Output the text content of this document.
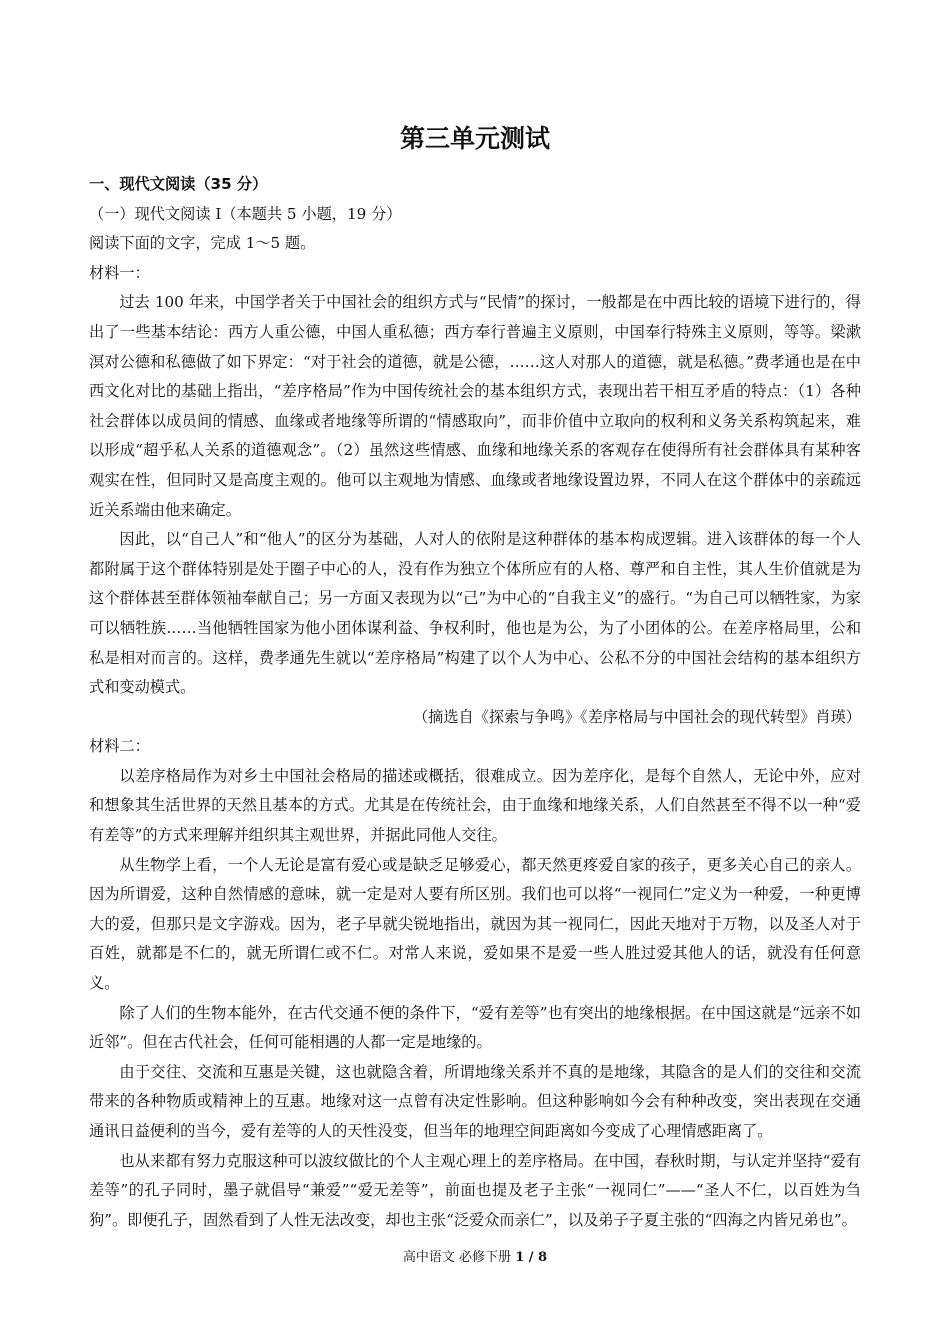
第三单元测试

一、现代文阅读（35 分）

（一）现代文阅读 Ⅰ（本题共 5 小题，19 分）

阅读下面的文字，完成 1～5 题。

材料一：

过去 100 年来，中国学者关于中国社会的组织方式与“民情”的探讨，一般都是在中西比较的语境下进行的，得出了一些基本结论：西方人重公德，中国人重私德；西方奉行普遍主义原则，中国奉行特殊主义原则，等等。梁漱溟对公德和私德做了如下界定：“对于社会的道德，就是公德，……这人对那人的道德，就是私德。”费孝通也是在中西文化对比的基础上指出，“差序格局”作为中国传统社会的基本组织方式，表现出若干相互矛盾的特点：（1）各种社会群体以成员间的情感、血缘或者地缘等所谓的“情感取向”，而非价值中立取向的权利和义务关系构筑起来，难以形成“超乎私人关系的道德观念”。（2）虽然这些情感、血缘和地缘关系的客观存在使得所有社会群体具有某种客观实在性，但同时又是高度主观的。他可以主观地为情感、血缘或者地缘设置边界，不同人在这个群体中的亲疏远近关系端由他来确定。

因此，以“自己人”和“他人”的区分为基础，人对人的依附是这种群体的基本构成逻辑。进入该群体的每一个人都附属于这个群体特别是处于圈子中心的人，没有作为独立个体所应有的人格、尊严和自主性，其人生价值就是为这个群体甚至群体领袖奉献自己；另一方面又表现为以“己”为中心的“自我主义”的盛行。“为自己可以牺牲家，为家可以牺牲族……当他牺牲国家为他小团体谋利益、争权利时，他也是为公，为了小团体的公。在差序格局里，公和私是相对而言的。这样，费孝通先生就以“差序格局”构建了以个人为中心、公私不分的中国社会结构的基本组织方式和变动模式。

（摘选自《探索与争鸣》《差序格局与中国社会的现代转型》肖瑛）

材料二：

以差序格局作为对乡土中国社会格局的描述或概括，很难成立。因为差序化，是每个自然人，无论中外，应对和想象其生活世界的天然且基本的方式。尤其是在传统社会，由于血缘和地缘关系，人们自然甚至不得不以一种“爱有差等”的方式来理解并组织其主观世界，并据此同他人交往。

从生物学上看，一个人无论是富有爱心或是缺乏足够爱心，都天然更疼爱自家的孩子，更多关心自己的亲人。因为所谓爱，这种自然情感的意味，就一定是对人要有所区别。我们也可以将“一视同仁”定义为一种爱，一种更博大的爱，但那只是文字游戏。因为，老子早就尖锐地指出，就因为其一视同仁，因此天地对于万物，以及圣人对于百姓，就都是不仁的，就无所谓仁或不仁。对常人来说，爱如果不是爱一些人胜过爱其他人的话，就没有任何意义。

除了人们的生物本能外，在古代交通不便的条件下，“爱有差等”也有突出的地缘根据。在中国这就是“远亲不如近邻”。但在古代社会，任何可能相遇的人都一定是地缘的。

由于交往、交流和互惠是关键，这也就隐含着，所谓地缘关系并不真的是地缘，其隐含的是人们的交往和交流带来的各种物质或精神上的互惠。地缘对这一点曾有决定性影响。但这种影响如今会有种种改变，突出表现在交通通讯日益便利的当今，爱有差等的人的天性没变，但当年的地理空间距离如今变成了心理情感距离了。

也从来都有努力克服这种可以波纹做比的个人主观心理上的差序格局。在中国，春秋时期，与认定并坚持“爱有差等”的孔子同时，墨子就倡导“兼爱”“爱无差等”，前面也提及老子主张“一视同仁”——“圣人不仁，以百姓为刍狗”。即便孔子，固然看到了人性无法改变，却也主张“泛爱众而亲仁”，以及弟子子夏主张的“四海之内皆兄弟也”。

高中语文 必修下册 1 / 8
